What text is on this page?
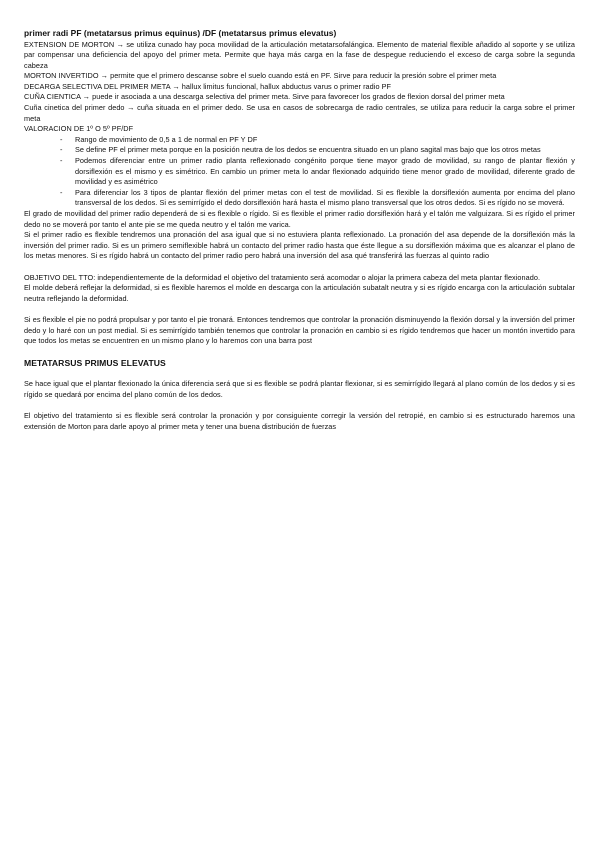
primer radi PF (metatarsus primus equinus) /DF (metatarsus primus elevatus)

EXTENSION DE MORTON → se utiliza cunado hay poca movilidad de la articulación metatarsofalángica. Elemento de material flexible añadido al soporte y se utiliza par compensar una deficiencia del apoyo del primer meta. Permite que haya más carga en la fase de despegue reduciendo el exceso de carga sobre la segunda cabeza

MORTON INVERTIDO → permite que el primero descanse sobre el suelo cuando está en PF. Sirve para reducir la presión sobre el primer meta

DECARGA SELECTIVA DEL PRIMER META → hallux limitus funcional, hallux abductus varus o primer radio PF

CUÑA CIENTICA → puede ir asociada a una descarga selectiva del primer meta. Sirve para favorecer los grados de flexion dorsal del primer meta

Cuña cinetica del primer dedo → cuña situada en el primer dedo. Se usa en casos de sobrecarga de radio centrales, se utiliza para reducir la carga sobre el primer meta

VALORACION DE 1º O 5º PF/DF

- Rango de movimiento de 0,5 a 1 de normal en PF Y DF
- Se define PF el primer meta porque en la posición neutra de los dedos se encuentra situado en un plano sagital mas bajo que los otros metas
- Podemos diferenciar entre un primer radio planta reflexionado congénito porque tiene mayor grado de movilidad, su rango de plantar flexión y dorsiflexión es el mismo y es simétrico. En cambio un primer meta lo andar flexionado adquirido tiene menor grado de movilidad, diferente grado de movilidad y es asimétrico
- Para diferenciar los 3 tipos de plantar flexión del primer metas con el test de movilidad. Si es flexible la dorsiflexión aumenta por encima del plano transversal de los dedos. Si es semirrígido el dedo dorsiflexión hará hasta el mismo plano transversal que los otros dedos. Si es rígido no se moverá.

El grado de movilidad del primer radio dependerá de si es flexible o rígido. Si es flexible el primer radio dorsiflexión hará y el talón me valguizara. Si es rígido el primer dedo no se moverá por tanto el ante pie se me queda neutro y el talón me varica.

Si el primer radio es flexible tendremos una pronación del asa igual que si no estuviera planta reflexionado. La pronación del asa depende de la dorsiflexión más la inversión del primer radio. Si es un primero semiflexible habrá un contacto del primer radio hasta que éste llegue a su dorsiflexión máxima que es alcanzar el plano de los metas menores. Si es rígido habrá un contacto del primer radio pero habrá una inversión del asa qué transferirá las fuerzas al quinto radio

OBJETIVO DEL TTO: independientemente de la deformidad el objetivo del tratamiento será acomodar o alojar la primera cabeza del meta plantar flexionado.

El molde deberá reflejar la deformidad, si es flexible haremos el molde en descarga con la articulación subatalt neutra y si es rígido encarga con la articulación subtalar neutra reflejando la deformidad.

Si es flexible el pie no podrá propulsar y por tanto el pie tronará. Entonces tendremos que controlar la pronación disminuyendo la flexión dorsal y la inversión del primer dedo y lo haré con un post medial. Si es semirrígido también tenemos que controlar la pronación en cambio si es rígido tendremos que hacer un montón invertido para que todos los metas se encuentren en un mismo plano y lo haremos con una barra post

METATARSUS PRIMUS ELEVATUS

Se hace igual que el plantar flexionado la única diferencia será que si es flexible se podrá plantar flexionar, si es semirrígido llegará al plano común de los dedos y si es rígido se quedará por encima del plano común de los dedos.

El objetivo del tratamiento si es flexible será controlar la pronación y por consiguiente corregir la versión del retropié, en cambio si es estructurado haremos una extensión de Morton para darle apoyo al primer meta y tener una buena distribución de fuerzas
